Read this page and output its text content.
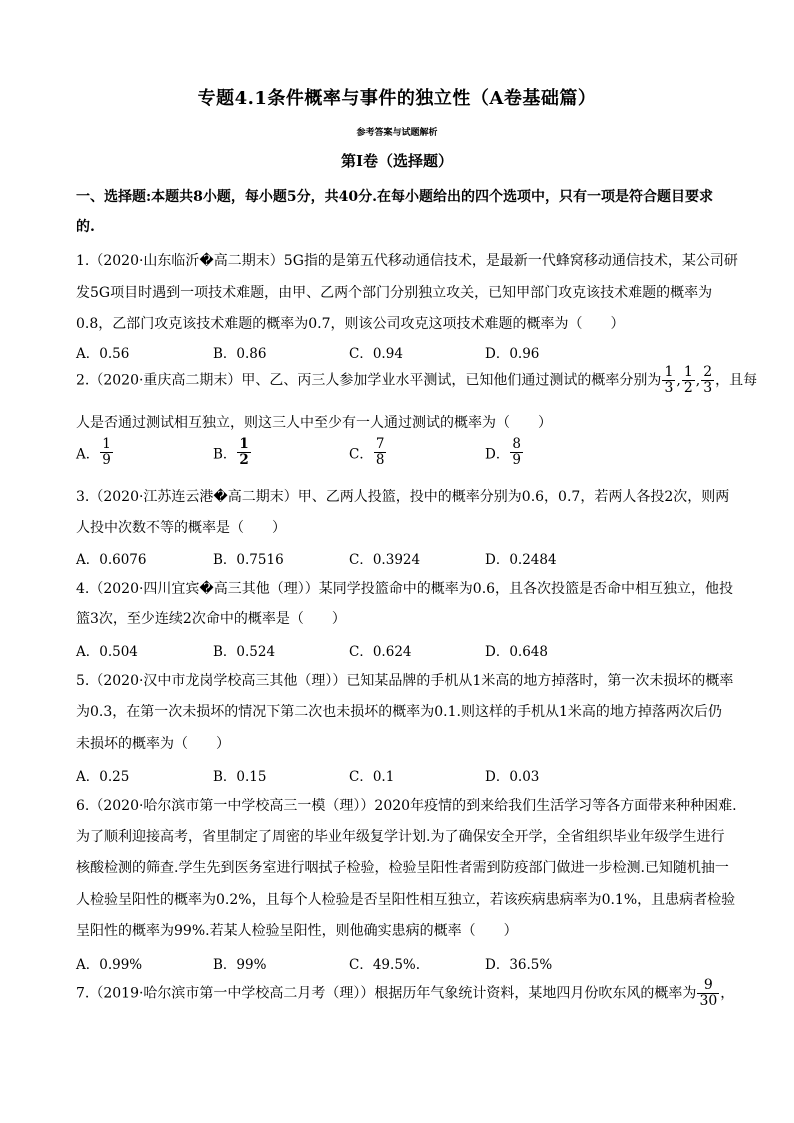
专题4.1条件概率与事件的独立性（A卷基础篇）
参考答案与试题解析
第Ⅰ卷（选择题）
一、选择题:本题共8小题，每小题5分，共40分.在每小题给出的四个选项中，只有一项是符合题目要求
的.
1.（2020·山东临沂�高二期末）5G指的是第五代移动通信技术，是最新一代蜂窝移动通信技术，某公司研
发5G项目时遇到一项技术难题，由甲、乙两个部门分别独立攻关，已知甲部门攻克该技术难题的概率为
0.8，乙部门攻克该技术难题的概率为0.7，则该公司攻克这项技术难题的概率为（　　）
A．0.56	B．0.86	C．0.94	D．0.96
2.（2020·重庆高二期末）甲、乙、丙三人参加学业水平测试，已知他们通过测试的概率分别为 $\frac{1}{3}$ , $\frac{1}{2}$ , $\frac{2}{3}$ ，且每
人是否通过测试相互独立，则这三人中至少有一人通过测试的概率为（　　）
A． $\frac{1}{9}$	B． $\frac{1}{2}$	C． $\frac{7}{8}$	D． $\frac{8}{9}$
3.（2020·江苏连云港�高二期末）甲、乙两人投篮，投中的概率分别为0.6，0.7，若两人各投2次，则两
人投中次数不等的概率是（　　）
A．0.6076	B．0.7516	C．0.3924	D．0.2484
4.（2020·四川宜宾�高三其他（理））某同学投篮命中的概率为0.6，且各次投篮是否命中相互独立，他投
篮3次，至少连续2次命中的概率是（　　）
A．0.504	B．0.524	C．0.624	D．0.648
5.（2020·汉中市龙岗学校高三其他（理））已知某品牌的手机从1米高的地方掉落时，第一次未损坏的概率
为0.3，在第一次未损坏的情况下第二次也未损坏的概率为0.1.则这样的手机从1米高的地方掉落两次后仍
未损坏的概率为（　　）
A．0.25	B．0.15	C．0.1	D．0.03
6.（2020·哈尔滨市第一中学校高三一模（理））2020年疫情的到来给我们生活学习等各方面带来种种困难.
为了顺利迎接高考，省里制定了周密的毕业年级复学计划.为了确保安全开学，全省组织毕业年级学生进行
核酸检测的筛查.学生先到医务室进行咽拭子检验，检验呈阳性者需到防疫部门做进一步检测.已知随机抽一
人检验呈阳性的概率为0.2%，且每个人检验是否呈阳性相互独立，若该疾病患病率为0.1%，且患病者检验
呈阳性的概率为99%.若某人检验呈阳性，则他确实患病的概率（　　）
A．0.99%	B．99%	C．49.5%.	D．36.5%
7.（2019·哈尔滨市第一中学校高二月考（理））根据历年气象统计资料，某地四月份吹东风的概率为 $\frac{9}{30}$ ，
